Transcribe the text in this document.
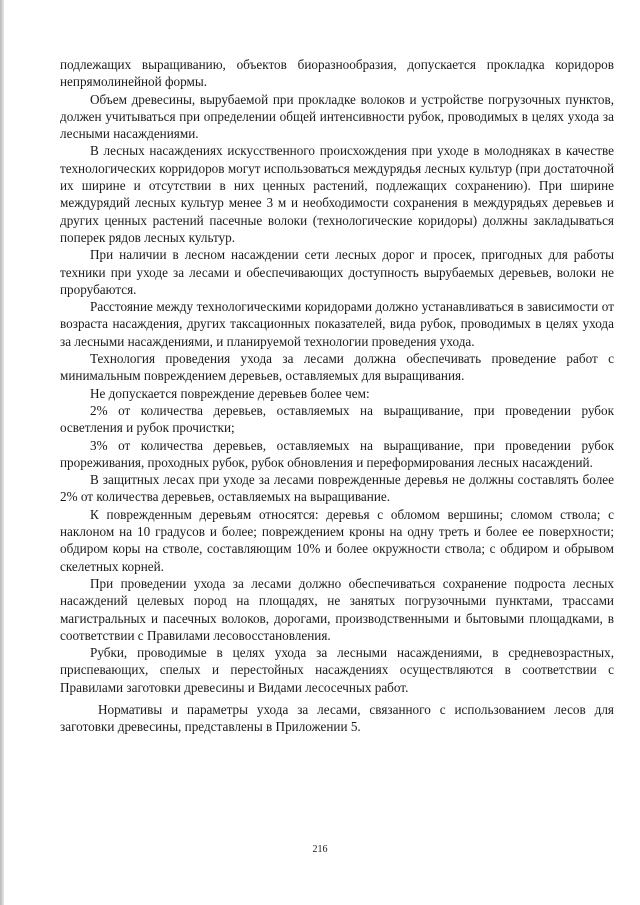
подлежащих выращиванию, объектов биоразнообразия, допускается прокладка коридоров непрямолинейной формы.

Объем древесины, вырубаемой при прокладке волоков и устройстве погрузочных пунктов, должен учитываться при определении общей интенсивности рубок, проводимых в целях ухода за лесными насаждениями.

В лесных насаждениях искусственного происхождения при уходе в молодняках в качестве технологических корридоров могут использоваться междурядья лесных культур (при достаточной их ширине и отсутствии в них ценных растений, подлежащих сохранению). При ширине междурядий лесных культур менее 3 м и необходимости сохранения в междурядьях деревьев и других ценных растений пасечные волоки (технологические коридоры) должны закладываться поперек рядов лесных культур.

При наличии в лесном насаждении сети лесных дорог и просек, пригодных для работы техники при уходе за лесами и обеспечивающих доступность вырубаемых деревьев, волоки не прорубаются.

Расстояние между технологическими коридорами должно устанавливаться в зависимости от возраста насаждения, других таксационных показателей, вида рубок, проводимых в целях ухода за лесными насаждениями, и планируемой технологии проведения ухода.

Технология проведения ухода за лесами должна обеспечивать проведение работ с минимальным повреждением деревьев, оставляемых для выращивания.

Не допускается повреждение деревьев более чем:

2% от количества деревьев, оставляемых на выращивание, при проведении рубок осветления и рубок прочистки;

3% от количества деревьев, оставляемых на выращивание, при проведении рубок прореживания, проходных рубок, рубок обновления и переформирования лесных насаждений.

В защитных лесах при уходе за лесами поврежденные деревья не должны составлять более 2% от количества деревьев, оставляемых на выращивание.

К поврежденным деревьям относятся: деревья с обломом вершины; сломом ствола; с наклоном на 10 градусов и более; повреждением кроны на одну треть и более ее поверхности; обдиром коры на стволе, составляющим 10% и более окружности ствола; с обдиром и обрывом скелетных корней.

При проведении ухода за лесами должно обеспечиваться сохранение подроста лесных насаждений целевых пород на площадях, не занятых погрузочными пунктами, трассами магистральных и пасечных волоков, дорогами, производственными и бытовыми площадками, в соответствии с Правилами лесовосстановления.

Рубки, проводимые в целях ухода за лесными насаждениями, в средневозрастных, приспевающих, спелых и перестойных насаждениях осуществляются в соответствии с Правилами заготовки древесины и Видами лесосечных работ.

Нормативы и параметры ухода за лесами, связанного с использованием лесов для заготовки древесины, представлены в Приложении 5.

216
